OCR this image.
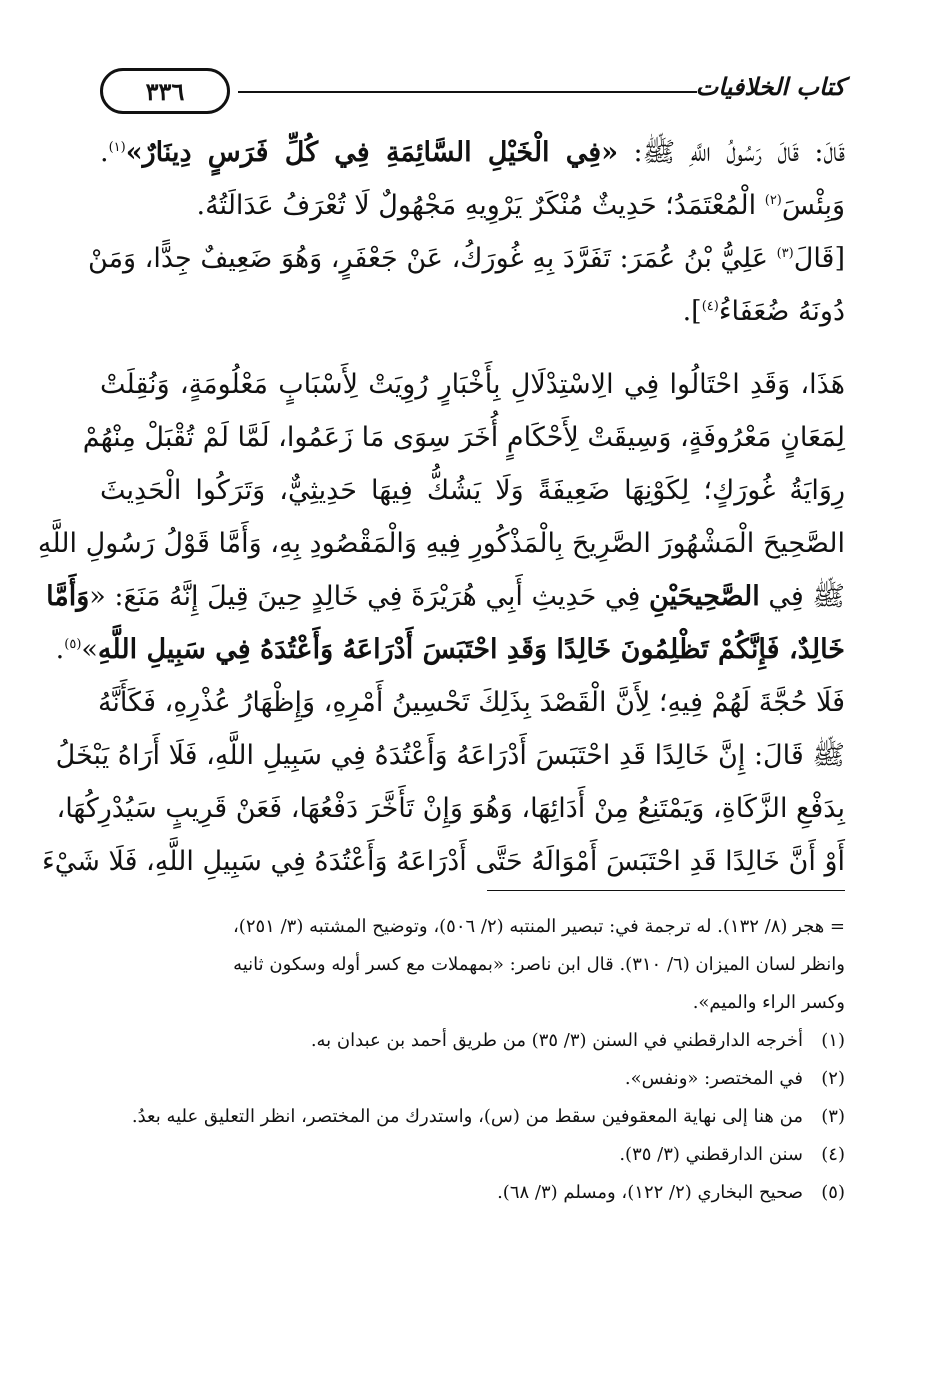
كتاب الخلافيات
٣٣٦
قَالَ: قَالَ رَسُولُ اللَّهِ ﷺ: «فِي الْخَيْلِ السَّائِمَةِ فِي كُلِّ فَرَسٍ دِينَارٌ»$^{(١)}$.
وَبِئْسَ$^{(٢)}$ الْمُعْتَمَدُ؛ حَدِيثٌ مُنْكَرٌ يَرْوِيهِ مَجْهُولٌ لَا تُعْرَفُ عَدَالَتُهُ.
[قَالَ$^{(٣)}$ عَلِيُّ بْنُ عُمَرَ: تَفَرَّدَ بِهِ غُورَكُ، عَنْ جَعْفَرٍ، وَهُوَ ضَعِيفٌ جِدًّا، وَمَنْ
دُونَهُ ضُعَفَاءُ$^{(٤)}$].
هَذَا، وَقَدِ احْتَالُوا فِي الِاسْتِدْلَالِ بِأَخْبَارٍ رُوِيَتْ لِأَسْبَابٍ مَعْلُومَةٍ، وَنُقِلَتْ
لِمَعَانٍ مَعْرُوفَةٍ، وَسِيقَتْ لِأَحْكَامٍ أُخَرَ سِوَى مَا زَعَمُوا، لَمَّا لَمْ تُقْبَلْ مِنْهُمْ
رِوَايَةُ غُورَكٍ؛ لِكَوْنِهَا ضَعِيفَةً وَلَا يَشُكُّ فِيهَا حَدِيثِيٌّ، وَتَرَكُوا الْحَدِيثَ
الصَّحِيحَ الْمَشْهُورَ الصَّرِيحَ بِالْمَذْكُورِ فِيهِ وَالْمَقْصُودِ بِهِ، وَأَمَّا قَوْلُ رَسُولِ اللَّهِ
ﷺ فِي الصَّحِيحَيْنِ فِي حَدِيثِ أَبِي هُرَيْرَةَ فِي خَالِدٍ حِينَ قِيلَ إِنَّهُ مَنَعَ: «وَأَمَّا
خَالِدٌ، فَإِنَّكُمْ تَظْلِمُونَ خَالِدًا وَقَدِ احْتَبَسَ أَدْرَاعَهُ وَأَعْتُدَهُ فِي سَبِيلِ اللَّهِ»$^{(٥)}$.
فَلَا حُجَّةَ لَهُمْ فِيهِ؛ لِأَنَّ الْقَصْدَ بِذَلِكَ تَحْسِينُ أَمْرِهِ، وَإِظْهَارُ عُذْرِهِ، فَكَأَنَّهُ
ﷺ قَالَ: إِنَّ خَالِدًا قَدِ احْتَبَسَ أَدْرَاعَهُ وَأَعْتُدَهُ فِي سَبِيلِ اللَّهِ، فَلَا أَرَاهُ يَبْخَلُ
بِدَفْعِ الزَّكَاةِ، وَيَمْتَنِعُ مِنْ أَدَائِهَا، وَهُوَ وَإِنْ تَأَخَّرَ دَفْعُهَا، فَعَنْ قَرِيبٍ سَيُدْرِكُهَا،
أَوْ أَنَّ خَالِدًا قَدِ احْتَبَسَ أَمْوَالَهُ حَتَّى أَدْرَاعَهُ وَأَعْتُدَهُ فِي سَبِيلِ اللَّهِ، فَلَا شَيْءَ
= هجر (٨/ ١٣٢). له ترجمة في: تبصير المنتبه (٢/ ٥٠٦)، وتوضيح المشتبه (٣/ ٢٥١)،
وانظر لسان الميزان (٦/ ٣١٠). قال ابن ناصر: «بمهملات مع كسر أوله وسكون ثانيه
وكسر الراء والميم».
(١)
أخرجه الدارقطني في السنن (٣/ ٣٥) من طريق أحمد بن عبدان به.
(٢)
في المختصر: «ونفس».
(٣)
من هنا إلى نهاية المعقوفين سقط من (س)، واستدرك من المختصر، انظر التعليق عليه بعدُ.
(٤)
سنن الدارقطني (٣/ ٣٥).
(٥)
صحيح البخاري (٢/ ١٢٢)، ومسلم (٣/ ٦٨).
